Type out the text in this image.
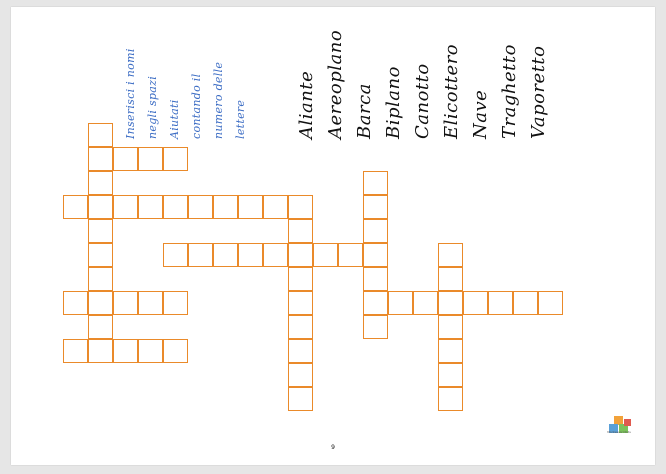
Inserisci i nomi negli spazi Aiutati contando il numero delle lettere	Aliante Aereoplano Barca Biplano Canotto Elicottero Nave Traghetto Vaporetto
9
Montessori Kids
